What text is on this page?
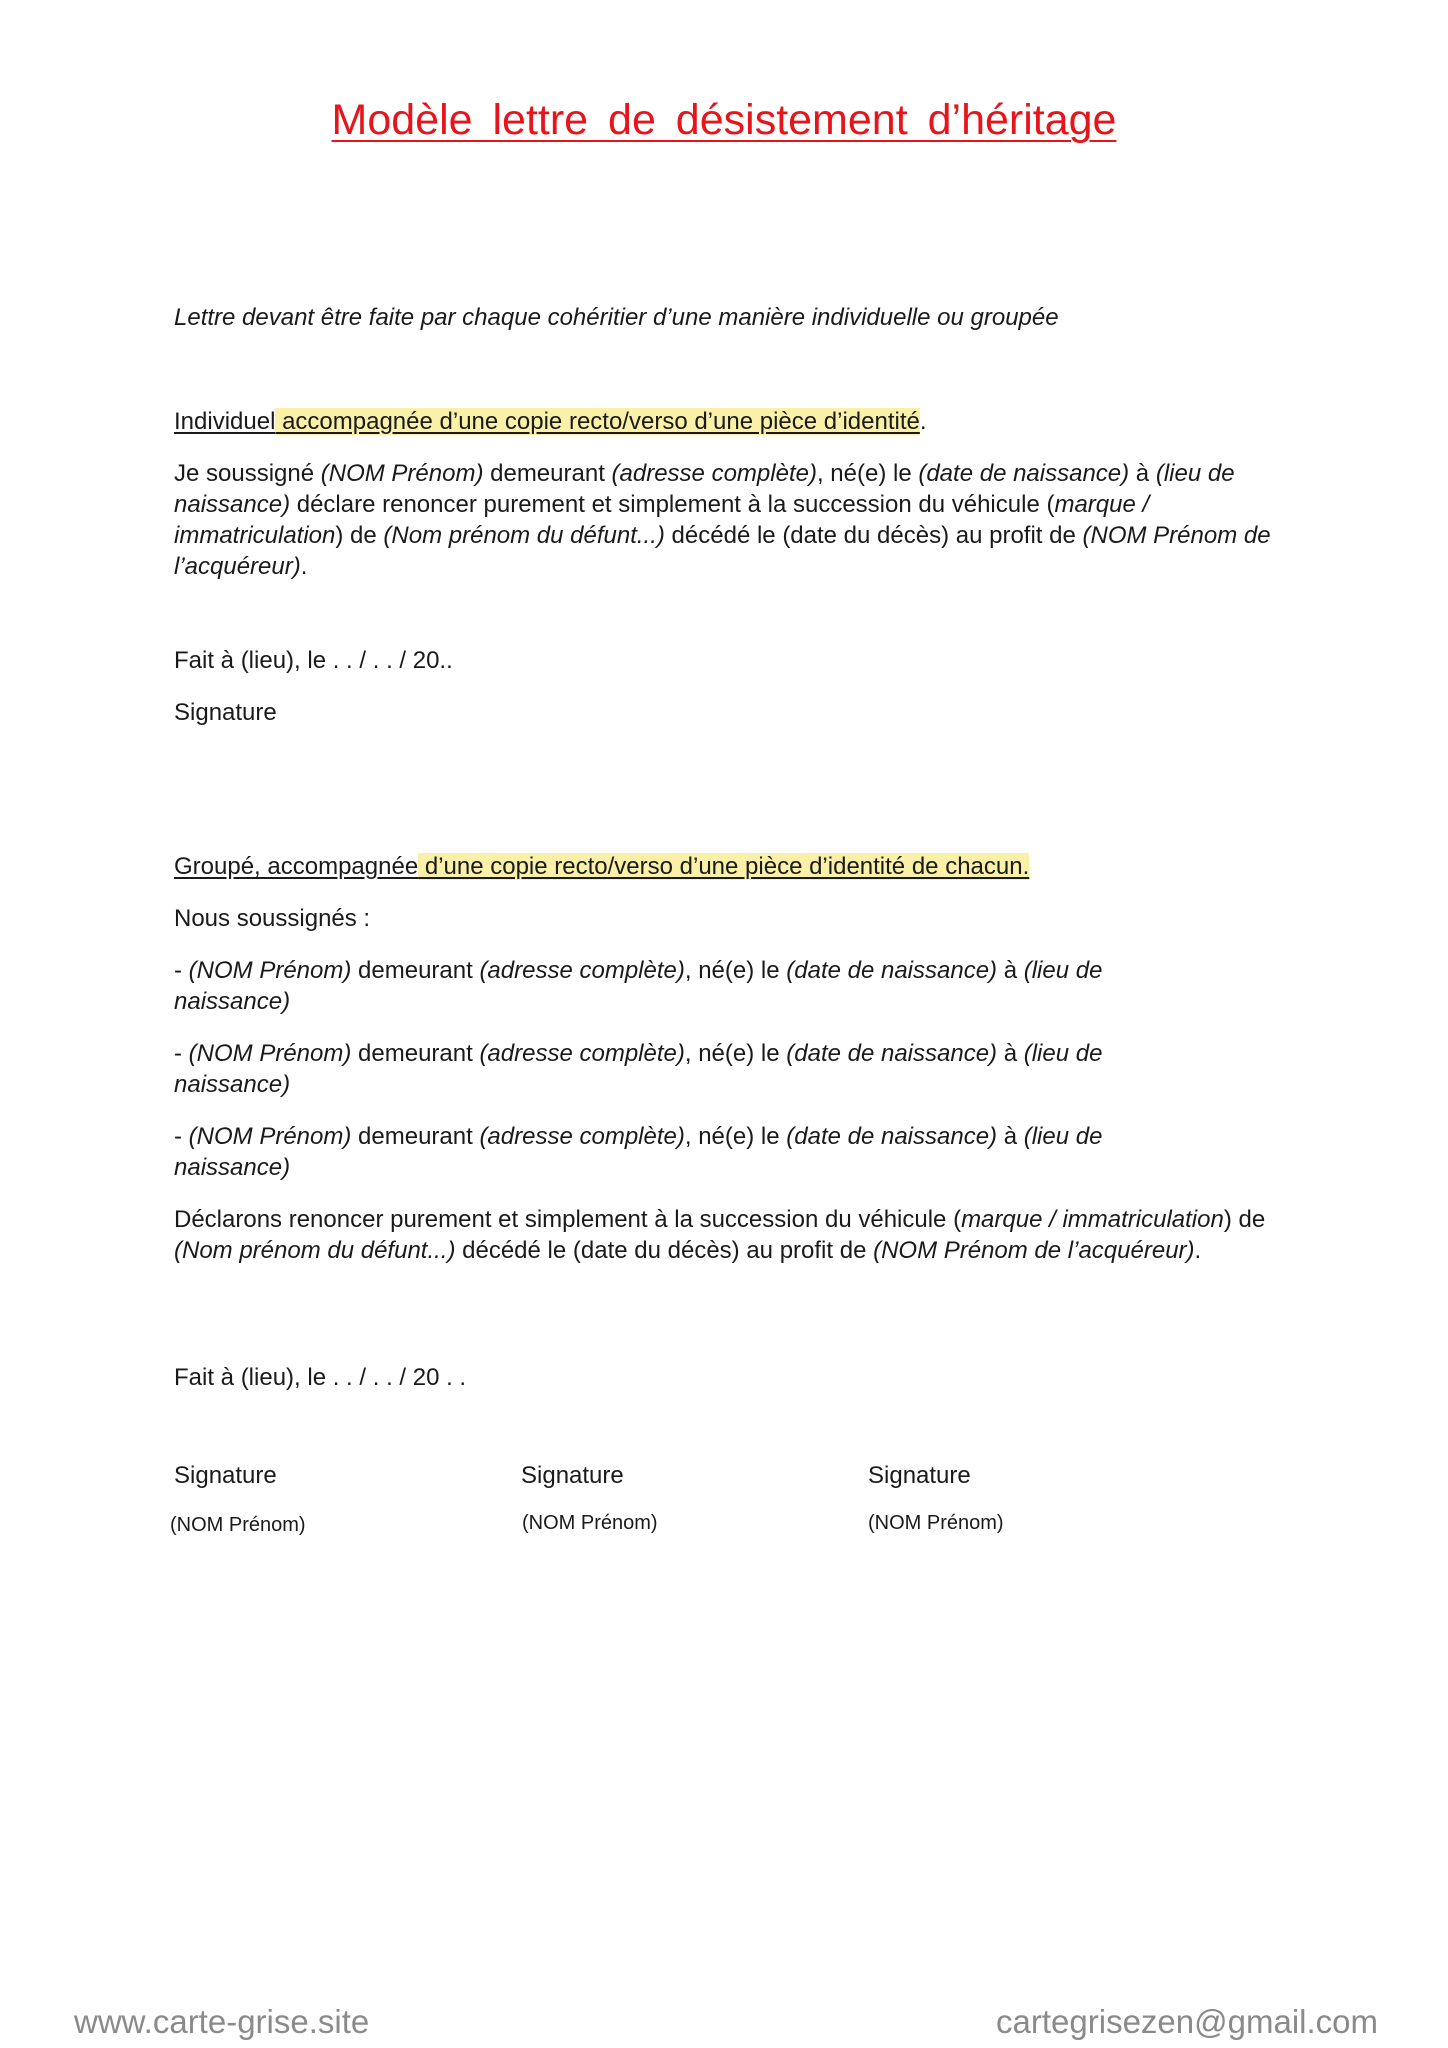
Modèle lettre de désistement d’héritage
Lettre devant être faite par chaque cohéritier d’une manière individuelle ou groupée
Individuel accompagnée d’une copie recto/verso d’une pièce d’identité.
Je soussigné (NOM Prénom) demeurant (adresse complète), né(e) le (date de naissance) à (lieu de naissance) déclare renoncer purement et simplement à la succession du véhicule (marque / immatriculation) de (Nom prénom du défunt...) décédé le (date du décès) au profit de (NOM Prénom de l’acquéreur).
Fait à (lieu), le . . / . . / 20..
Signature
Groupé, accompagnée d’une copie recto/verso d’une pièce d’identité de chacun.
Nous soussignés :
- (NOM Prénom) demeurant (adresse complète), né(e) le (date de naissance) à (lieu de naissance)
- (NOM Prénom) demeurant (adresse complète), né(e) le (date de naissance) à (lieu de naissance)
- (NOM Prénom) demeurant (adresse complète), né(e) le (date de naissance) à (lieu de naissance)
Déclarons renoncer purement et simplement à la succession du véhicule (marque / immatriculation) de (Nom prénom du défunt...) décédé le (date du décès) au profit de (NOM Prénom de l’acquéreur).
Fait à (lieu), le . . / . . / 20 . .
Signature	Signature	Signature
(NOM Prénom)	(NOM Prénom)	(NOM Prénom)
www.carte-grise.site	cartegrisezen@gmail.com
